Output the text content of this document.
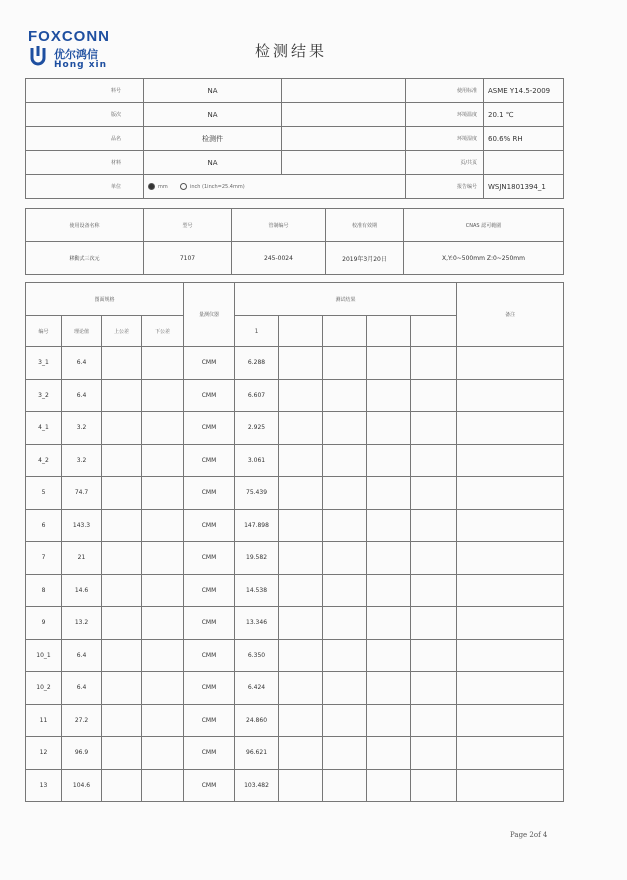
FOXCONN
优尔鸿信
Hong xin
检测结果
料号	NA		使用标准	ASME Y14.5-2009
版次	NA		环境温度	20.1 ℃
品名	检测件		环境湿度	60.6% RH
材料	NA		页/共页	
单位	mm inch (1inch=25.4mm)		报告编号	WSJN1801394_1
使用设备名称	型号	管制编号	校准有效期	CNAS 認可範圍
移動式三次元	7107	245-0024	2019年3月20日	X,Y:0~500mm Z:0~250mm
图面规格				量测仪器	测试结果					备注
编号	理论值	上公差	下公差		1					
3_1	6.4			CMM	6.288					
3_2	6.4			CMM	6.607					
4_1	3.2			CMM	2.925					
4_2	3.2			CMM	3.061					
5	74.7			CMM	75.439					
6	143.3			CMM	147.898					
7	21			CMM	19.582					
8	14.6			CMM	14.538					
9	13.2			CMM	13.346					
10_1	6.4			CMM	6.350					
10_2	6.4			CMM	6.424					
11	27.2			CMM	24.860					
12	96.9			CMM	96.621					
13	104.6			CMM	103.482					
Page 2of 4
